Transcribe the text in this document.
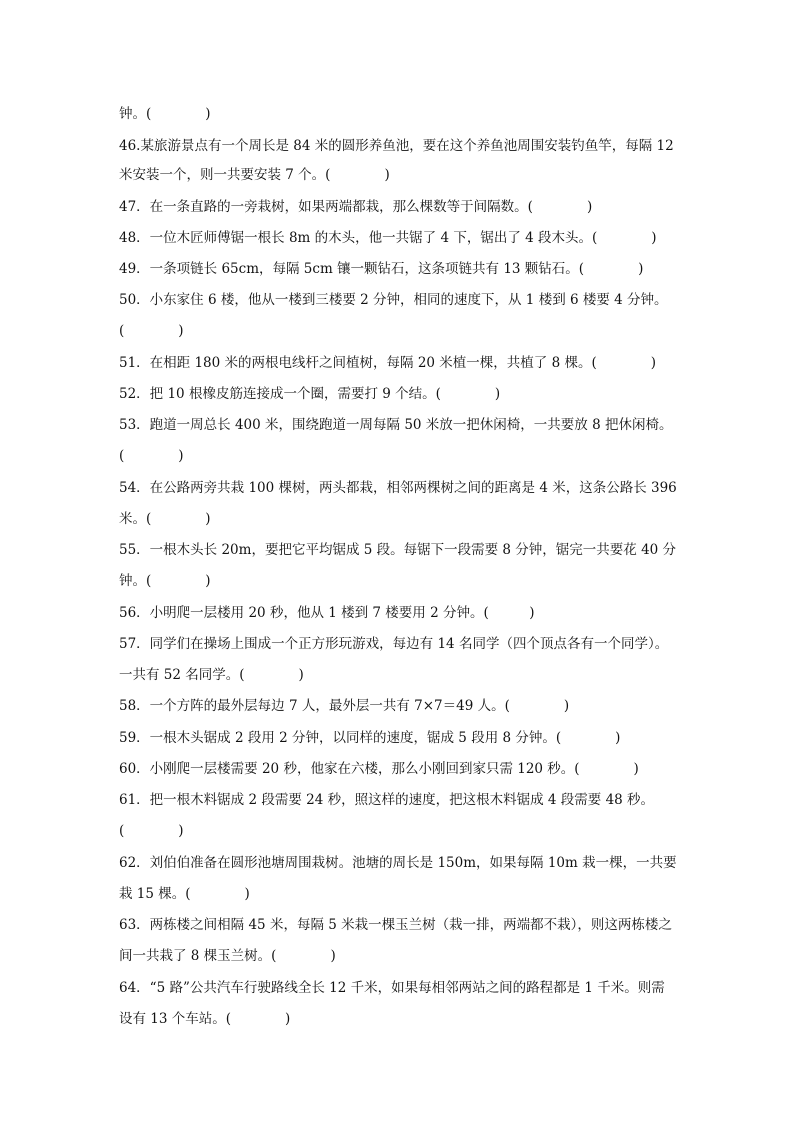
钟。(　　　　)
46.某旅游景点有一个周长是 84 米的圆形养鱼池，要在这个养鱼池周围安装钓鱼竿，每隔 12
米安装一个，则一共要安装 7 个。(　　　　)
47．在一条直路的一旁栽树，如果两端都栽，那么棵数等于间隔数。(　　　　)
48．一位木匠师傅锯一根长 8m 的木头，他一共锯了 4 下，锯出了 4 段木头。(　　　　)
49．一条项链长 65cm，每隔 5cm 镶一颗钻石，这条项链共有 13 颗钻石。(　　　　)
50．小东家住 6 楼，他从一楼到三楼要 2 分钟，相同的速度下，从 1 楼到 6 楼要 4 分钟。
(　　　　)
51．在相距 180 米的两根电线杆之间植树，每隔 20 米植一棵，共植了 8 棵。(　　　　)
52．把 10 根橡皮筋连接成一个圈，需要打 9 个结。(　　　　)
53．跑道一周总长 400 米，围绕跑道一周每隔 50 米放一把休闲椅，一共要放 8 把休闲椅。
(　　　　)
54．在公路两旁共栽 100 棵树，两头都栽，相邻两棵树之间的距离是 4 米，这条公路长 396
米。(　　　　)
55．一根木头长 20m，要把它平均锯成 5 段。每锯下一段需要 8 分钟，锯完一共要花 40 分
钟。(　　　　)
56．小明爬一层楼用 20 秒，他从 1 楼到 7 楼要用 2 分钟。(　　　)
57．同学们在操场上围成一个正方形玩游戏，每边有 14 名同学（四个顶点各有一个同学）。
一共有 52 名同学。(　　　　)
58．一个方阵的最外层每边 7 人，最外层一共有 7×7＝49 人。(　　　　)
59．一根木头锯成 2 段用 2 分钟，以同样的速度，锯成 5 段用 8 分钟。(　　　　)
60．小刚爬一层楼需要 20 秒，他家在六楼，那么小刚回到家只需 120 秒。(　　　　)
61．把一根木料锯成 2 段需要 24 秒，照这样的速度，把这根木料锯成 4 段需要 48 秒。
(　　　　)
62．刘伯伯准备在圆形池塘周围栽树。池塘的周长是 150m，如果每隔 10m 栽一棵，一共要
栽 15 棵。(　　　　)
63．两栋楼之间相隔 45 米，每隔 5 米栽一棵玉兰树（栽一排，两端都不栽），则这两栋楼之
间一共栽了 8 棵玉兰树。(　　　　)
64．“5 路”公共汽车行驶路线全长 12 千米，如果每相邻两站之间的路程都是 1 千米。则需
设有 13 个车站。(　　　　)
